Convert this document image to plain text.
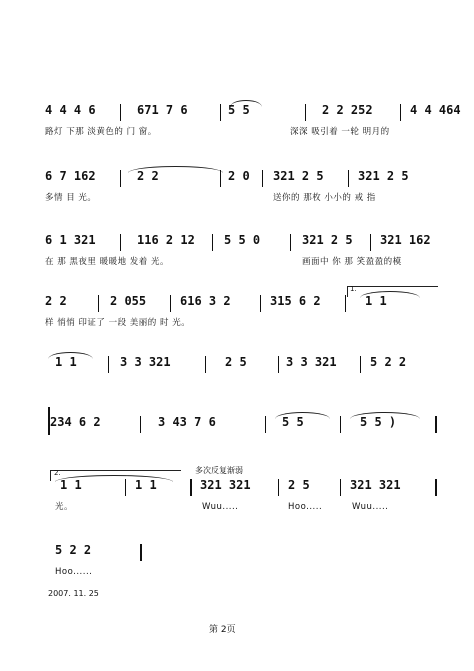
4 4 4 6	671 7 6	5 5	2 2 252	4 4 464
路灯 下那 淡黄色的 门 窗。	深深 吸引着 一轮 明月的
6 7 162	2 2	2 0 321 2 5	321 2 5
多情 目 光。	送你的 那枚 小小的 戒 指
6 1 321	116 2 12 5 5 0	321 2 5 321 162
在 那 黑夜里 暖暖地 发着 光。	画面中 你 那 笑盈盈的模
2 2	2 055	616 3 2	315 6 2
1.
1 1
样 悄悄 印证了 一段 美丽的 时 光。
1 1	3 3 321	2 5	3 3 321	5 2 2
234 6 2	3 43 7 6	5 5	5 5 )
2.
1 1	1 1
多次反复渐弱
321 321	2 5	321 321
光。	Wuu.....	Hoo.....	Wuu.....
5 2 2
Hoo......
2007. 11. 25
第 2页
